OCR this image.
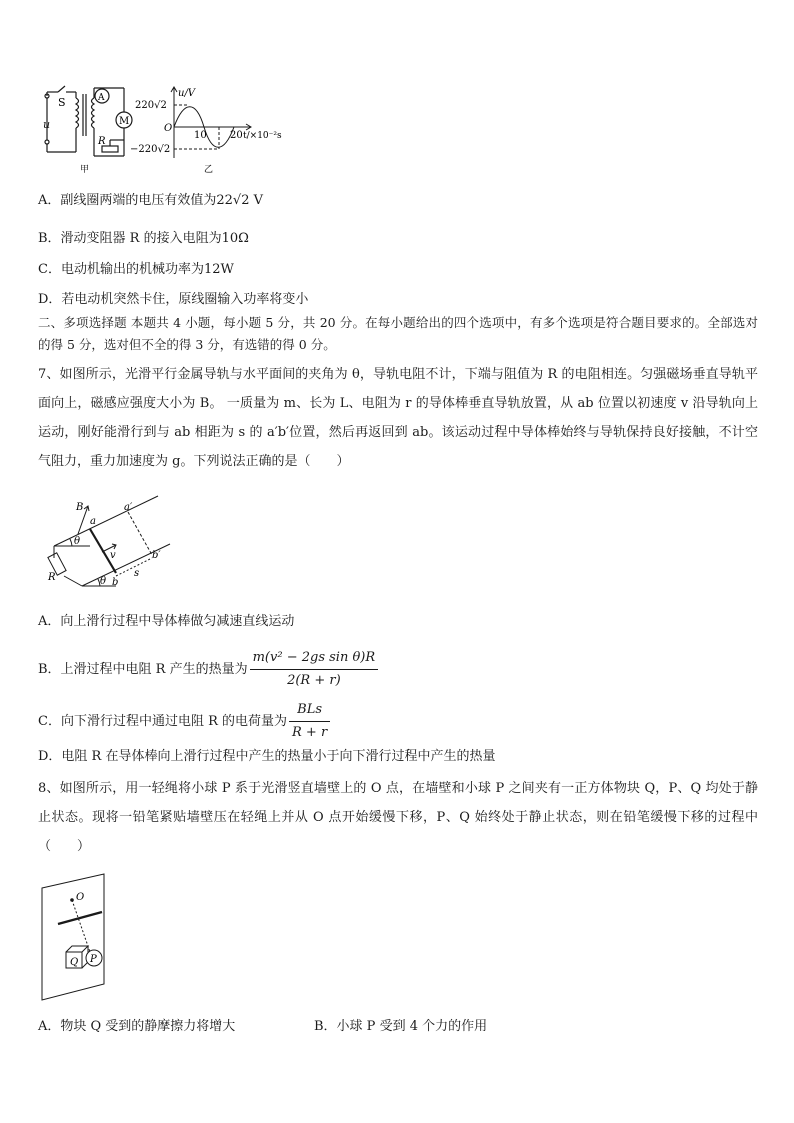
S
u
A
M
R
甲
u/V
220√2
O
10 20 t/×10⁻²s
−220√2
乙
A．副线圈两端的电压有效值为22√2 V
B．滑动变阻器 R 的接入电阻为10Ω
C．电动机输出的机械功率为12W
D．若电动机突然卡住，原线圈输入功率将变小
二、多项选择题 本题共 4 小题，每小题 5 分，共 20 分。在每小题给出的四个选项中，有多个选项是符合题目要求的。全部选对的得 5 分，选对但不全的得 3 分，有选错的得 0 分。
7、如图所示，光滑平行金属导轨与水平面间的夹角为 θ，导轨电阻不计，下端与阻值为 R 的电阻相连。匀强磁场垂直导轨平面向上，磁感应强度大小为 B。 一质量为 m、长为 L、电阻为 r 的导体棒垂直导轨放置，从 ab 位置以初速度 v 沿导轨向上运动，刚好能滑行到与 ab 相距为 s 的 a′b′位置，然后再返回到 ab。该运动过程中导体棒始终与导轨保持良好接触，不计空气阻力，重力加速度为 g。下列说法正确的是（　　）
B
a
a′
θ
v	b′
R	θ b
s
A．向上滑行过程中导体棒做匀减速直线运动
B．上滑过程中电阻 R 产生的热量为 $\frac{\text{m(v² − 2gs sin θ)R}}{2(R + r)}$
C．向下滑行过程中通过电阻 R 的电荷量为 $\frac{\text{BLs}}{R + r}$
D．电阻 R 在导体棒向上滑行过程中产生的热量小于向下滑行过程中产生的热量
8、如图所示，用一轻绳将小球 P 系于光滑竖直墙壁上的 O 点，在墙壁和小球 P 之间夹有一正方体物块 Q，P、Q 均处于静止状态。现将一铅笔紧贴墙壁压在轻绳上并从 O 点开始缓慢下移，P、Q 始终处于静止状态，则在铅笔缓慢下移的过程中（　　）
O
Q P
A．物块 Q 受到的静摩擦力将增大	B．小球 P 受到 4 个力的作用
